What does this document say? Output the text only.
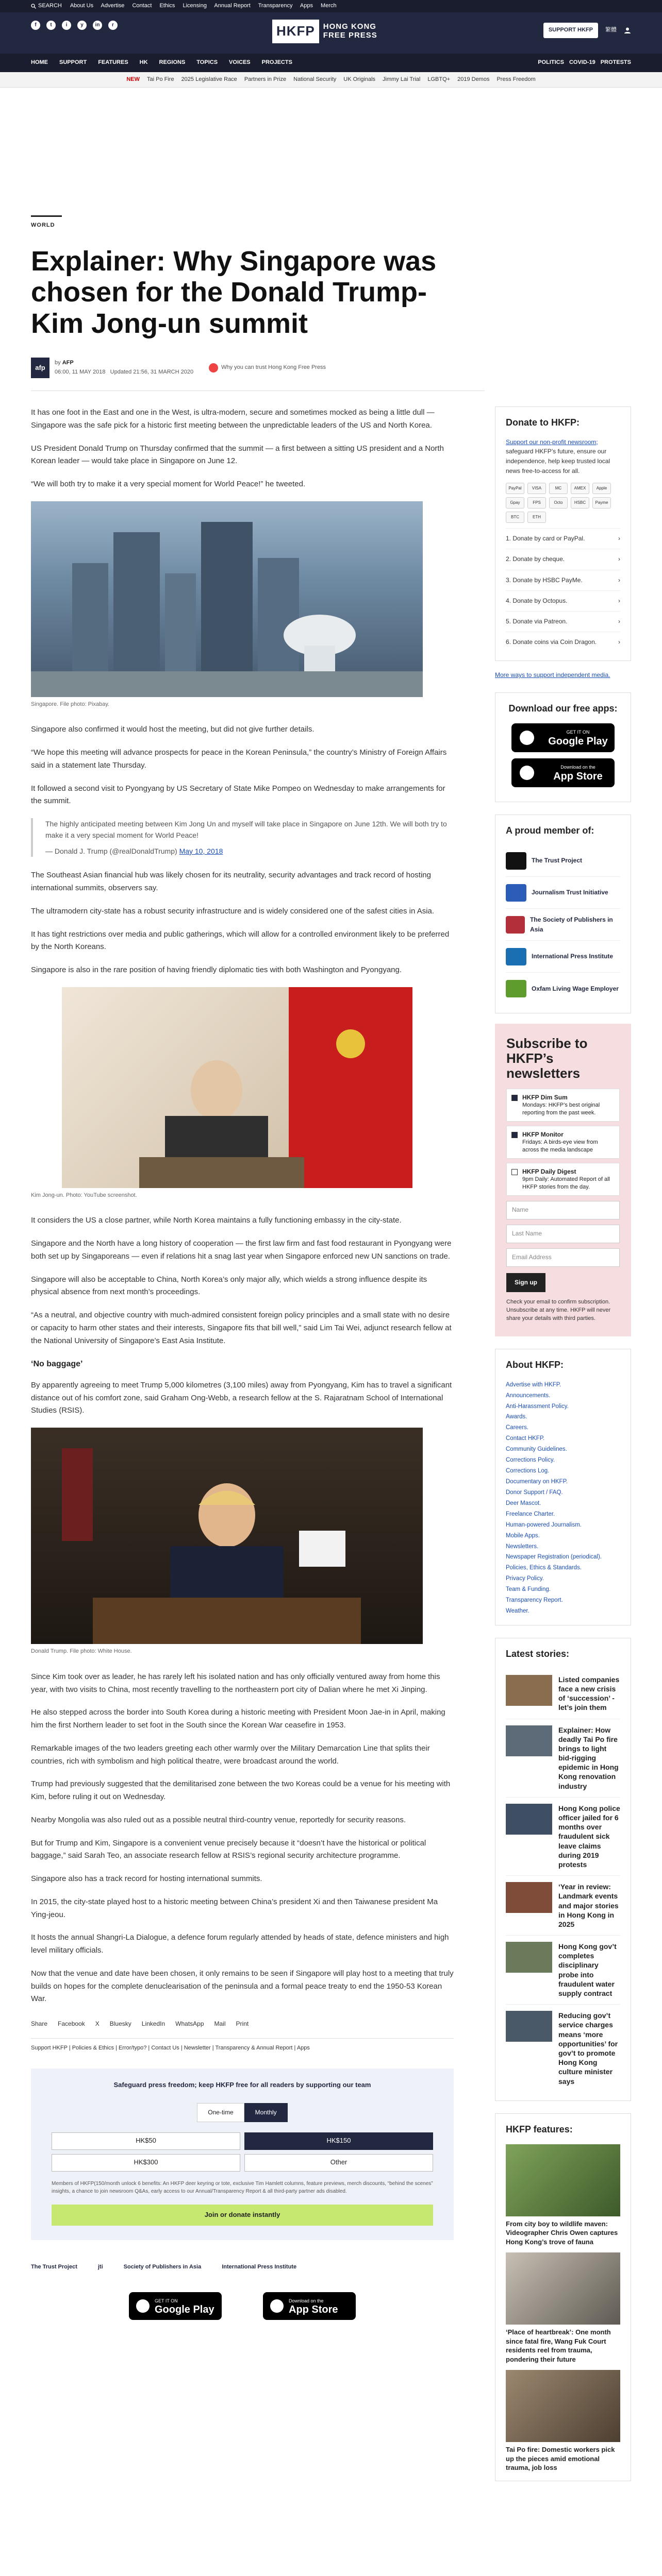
SEARCH About Us Advertise Contact Ethics Licensing Annual Report Transparency Apps Merch
f	t	i	y	in	r	HKFP	HONG KONG
FREE PRESS
SUPPORT HKFP	繁體
HOME SUPPORT FEATURES HK REGIONS TOPICS VOICES PROJECTS	POLITICS COVID-19 PROTESTS
NEW Tai Po Fire 2025 Legislative Race Partners in Prize National Security UK Originals Jimmy Lai Trial LGBTQ+ 2019 Demos Press Freedom
WORLD
Explainer: Why Singapore was chosen for the Donald Trump-Kim Jong-un summit
afp
by AFP
06:00, 11 MAY 2018 Updated 21:56, 31 MARCH 2020
Why you can trust Hong Kong Free Press

It has one foot in the East and one in the West, is ultra-modern, secure and sometimes mocked as being a little dull — Singapore was the safe pick for a historic first meeting between the unpredictable leaders of the US and North Korea.

US President Donald Trump on Thursday confirmed that the summit — a first between a sitting US president and a North Korean leader — would take place in Singapore on June 12.

“We will both try to make it a very special moment for World Peace!” he tweeted.

Singapore. File photo: Pixabay.

Singapore also confirmed it would host the meeting, but did not give further details.

“We hope this meeting will advance prospects for peace in the Korean Peninsula,” the country’s Ministry of Foreign Affairs said in a statement late Thursday.

It followed a second visit to Pyongyang by US Secretary of State Mike Pompeo on Wednesday to make arrangements for the summit.

The highly anticipated meeting between Kim Jong Un and myself will take place in Singapore on June 12th. We will both try to make it a very special moment for World Peace!
— Donald J. Trump (@realDonaldTrump) May 10, 2018

The Southeast Asian financial hub was likely chosen for its neutrality, security advantages and track record of hosting international summits, observers say.

The ultramodern city-state has a robust security infrastructure and is widely considered one of the safest cities in Asia.

It has tight restrictions over media and public gatherings, which will allow for a controlled environment likely to be preferred by the North Koreans.

Singapore is also in the rare position of having friendly diplomatic ties with both Washington and Pyongyang.

Kim Jong-un. Photo: YouTube screenshot.

It considers the US a close partner, while North Korea maintains a fully functioning embassy in the city-state.

Singapore and the North have a long history of cooperation — the first law firm and fast food restaurant in Pyongyang were both set up by Singaporeans — even if relations hit a snag last year when Singapore enforced new UN sanctions on trade.

Singapore will also be acceptable to China, North Korea’s only major ally, which wields a strong influence despite its physical absence from next month’s proceedings.

“As a neutral, and objective country with much-admired consistent foreign policy principles and a small state with no desire or capacity to harm other states and their interests, Singapore fits that bill well,” said Lim Tai Wei, adjunct research fellow at the National University of Singapore’s East Asia Institute.

‘No baggage’

By apparently agreeing to meet Trump 5,000 kilometres (3,100 miles) away from Pyongyang, Kim has to travel a significant distance out of his comfort zone, said Graham Ong-Webb, a research fellow at the S. Rajaratnam School of International Studies (RSIS).

Donald Trump. File photo: White House.

Since Kim took over as leader, he has rarely left his isolated nation and has only officially ventured away from home this year, with two visits to China, most recently travelling to the northeastern port city of Dalian where he met Xi Jinping.

He also stepped across the border into South Korea during a historic meeting with President Moon Jae-in in April, making him the first Northern leader to set foot in the South since the Korean War ceasefire in 1953.

Remarkable images of the two leaders greeting each other warmly over the Military Demarcation Line that splits their countries, rich with symbolism and high political theatre, were broadcast around the world.

Trump had previously suggested that the demilitarised zone between the two Koreas could be a venue for his meeting with Kim, before ruling it out on Wednesday.

Nearby Mongolia was also ruled out as a possible neutral third-country venue, reportedly for security reasons.

But for Trump and Kim, Singapore is a convenient venue precisely because it “doesn’t have the historical or political baggage,” said Sarah Teo, an associate research fellow at RSIS’s regional security architecture programme.

Singapore also has a track record for hosting international summits.

In 2015, the city-state played host to a historic meeting between China’s president Xi and then Taiwanese president Ma Ying-jeou.

It hosts the annual Shangri-La Dialogue, a defence forum regularly attended by heads of state, defence ministers and high level military officials.

Now that the venue and date have been chosen, it only remains to be seen if Singapore will play host to a meeting that truly builds on hopes for the complete denuclearisation of the peninsula and a formal peace treaty to end the 1950-53 Korean War.

Share Facebook X Bluesky LinkedIn WhatsApp Mail Print
Support HKFP | Policies & Ethics | Error/typo? | Contact Us | Newsletter | Transparency & Annual Report | Apps
Safeguard press freedom; keep HKFP free for all readers by supporting our team
One-time	Monthly
HK$50	HK$150
HK$300	Other
Members of HKFP(150/month unlock 6 benefits: An HKFP deer keyring or tote, exclusive Tim Hamlett columns, feature previews, merch discounts, “behind the scenes” insights, a chance to join newsroom Q&As, early access to our Annual/Transparency Report & all third-party partner ads disabled.
Join or donate instantly
The Trust Project	jti	Society of Publishers in Asia	International Press Institute
GET IT ON
Google Play
Download on the
App Store
Donate to HKFP:
Support our non-profit newsroom; safeguard HKFP’s future, ensure our independence, help keep trusted local news free-to-access for all.
PayPal	VISA	MC	AMEX	Apple
Gpay	FPS	Octo	HSBC	Payme
BTC	ETH
1. Donate by card or PayPal.	›
2. Donate by cheque.	›
3. Donate by HSBC PayMe.	›
4. Donate by Octopus.	›
5. Donate via Patreon.	›
6. Donate coins via Coin Dragon.	›
More ways to support independent media.
Download our free apps:
GET IT ON
Google Play
Download on the
App Store
A proud member of:
The Trust Project
Journalism Trust Initiative
The Society of Publishers in Asia
International Press Institute
Oxfam Living Wage Employer
Subscribe to HKFP’s newsletters
HKFP Dim Sum
Mondays: HKFP’s best original reporting from the past week.
HKFP Monitor
Fridays: A birds-eye view from across the media landscape
HKFP Daily Digest
9pm Daily: Automated Report of all HKFP stories from the day.
Name
Last Name
Email Address
Sign up
Check your email to confirm subscription. Unsubscribe at any time. HKFP will never share your details with third parties.
About HKFP:
Advertise with HKFP.
Announcements.
Anti-Harassment Policy.
Awards.
Careers.
Contact HKFP.
Community Guidelines.
Corrections Policy.
Corrections Log.
Documentary on HKFP.
Donor Support / FAQ.
Deer Mascot.
Freelance Charter.
Human-powered Journalism.
Mobile Apps.
Newsletters.
Newspaper Registration (periodical).
Policies, Ethics & Standards.
Privacy Policy.
Team & Funding.
Transparency Report.
Weather.
Latest stories:
Listed companies face a new crisis of ‘succession’ - let’s join them
Explainer: How deadly Tai Po fire brings to light bid-rigging epidemic in Hong Kong renovation industry
Hong Kong police officer jailed for 6 months over fraudulent sick leave claims during 2019 protests
‘Year in review: Landmark events and major stories in Hong Kong in 2025
Hong Kong gov’t completes disciplinary probe into fraudulent water supply contract
Reducing gov’t service charges means ‘more opportunities’ for gov’t to promote Hong Kong culture minister says
HKFP features:
From city boy to wildlife maven: Videographer Chris Owen captures Hong Kong’s trove of fauna
‘Place of heartbreak’: One month since fatal fire, Wang Fuk Court residents reel from trauma, pondering their future
Tai Po fire: Domestic workers pick up the pieces amid emotional trauma, job loss
